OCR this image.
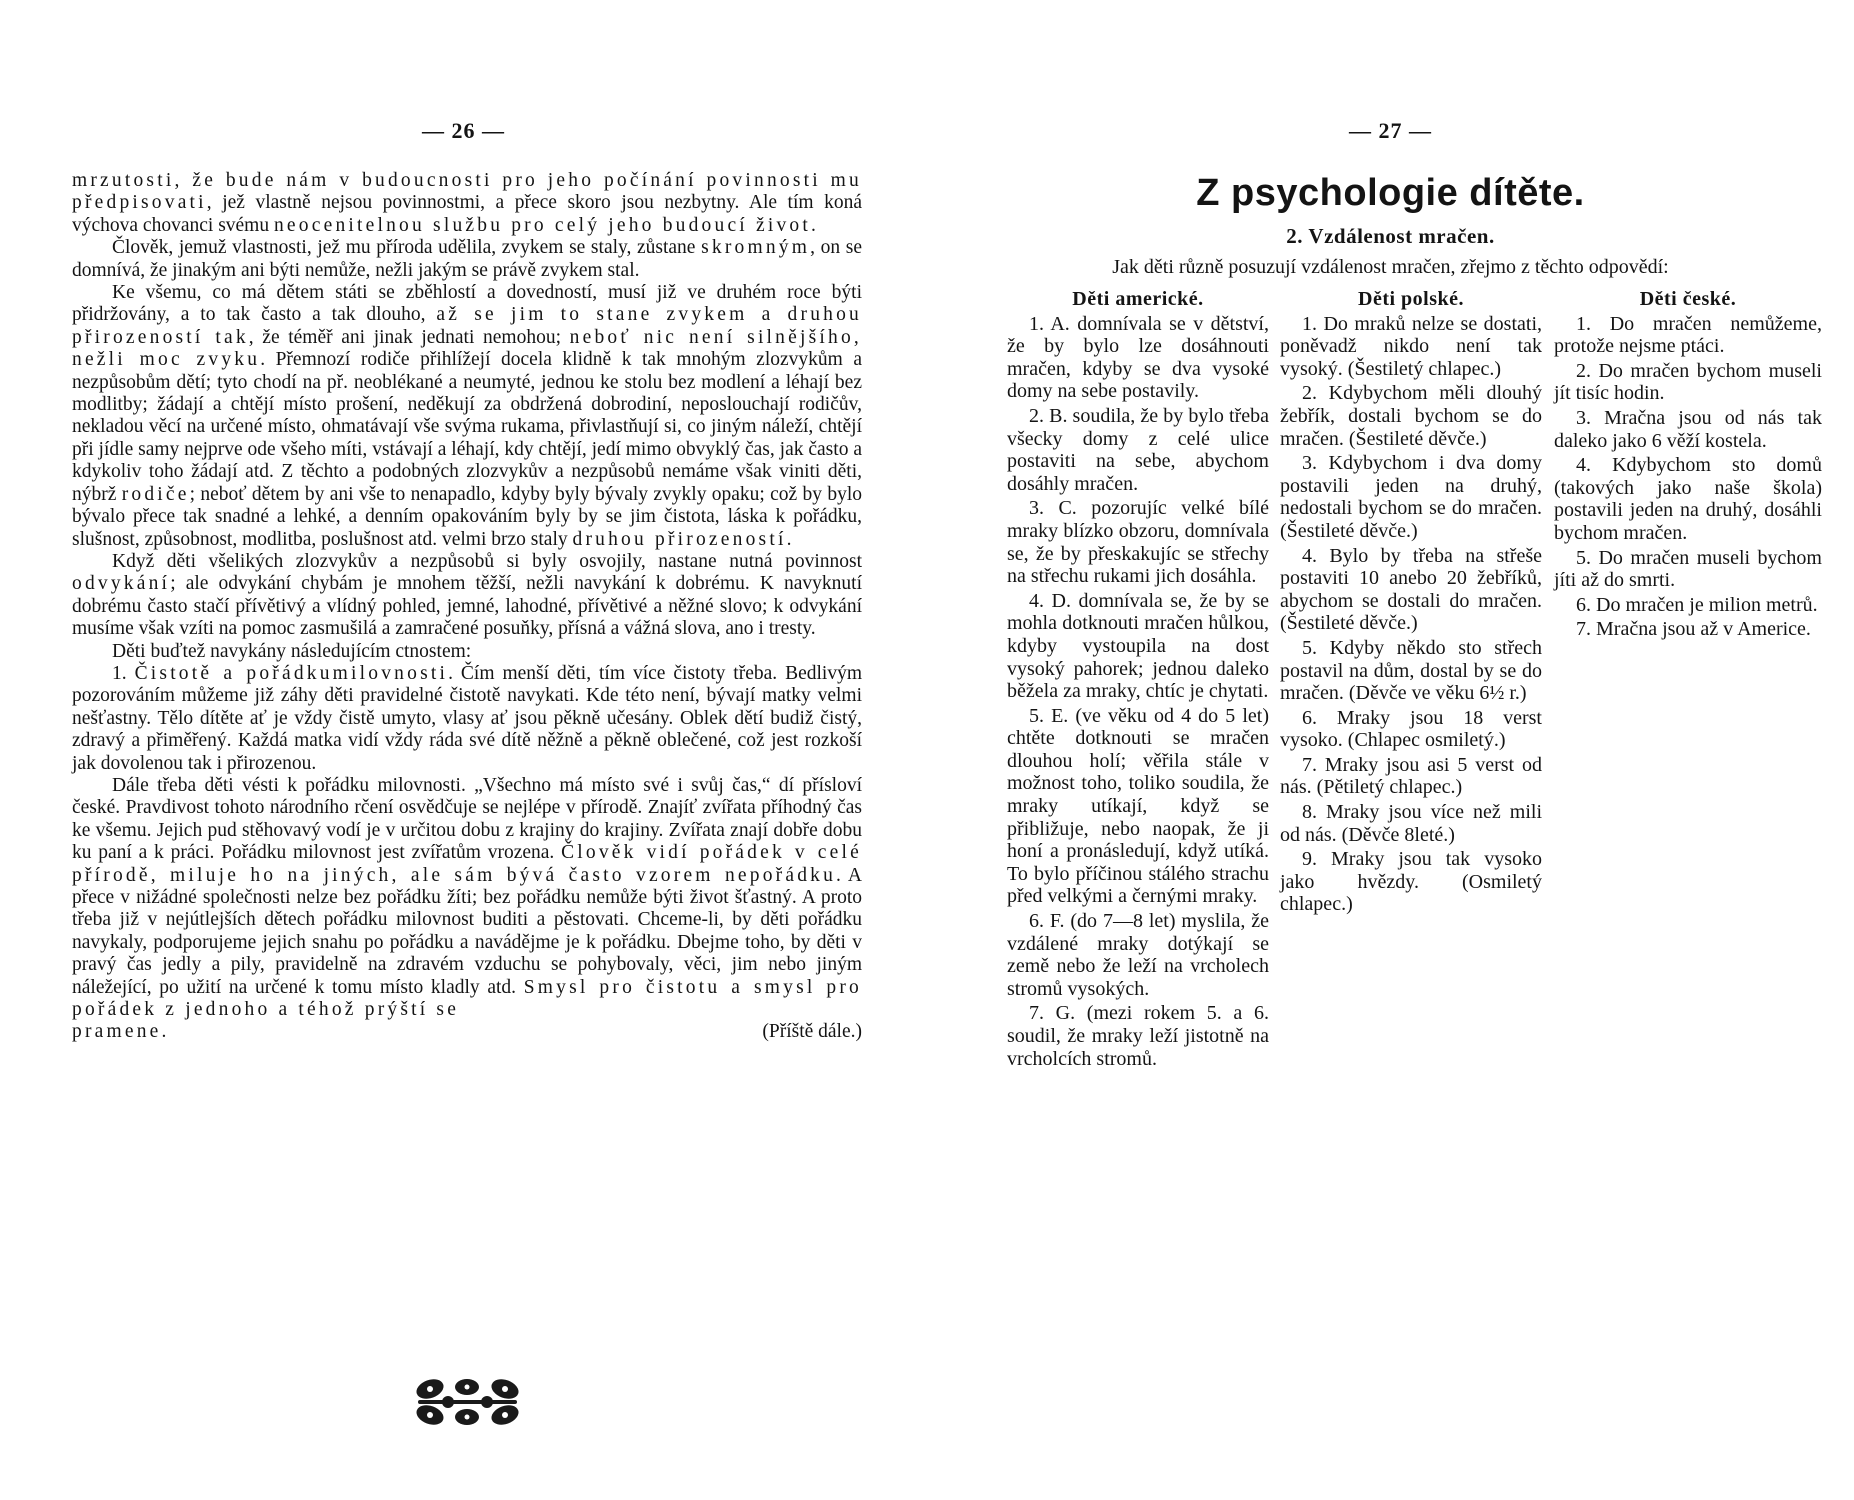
— 26 —

mrzutosti, že bude nám v budoucnosti pro jeho počínání povinnosti mu předpisovati, jež vlastně nejsou povinnostmi, a přece skoro jsou nezbytny. Ale tím koná výchova chovanci svému neocenitelnou službu pro celý jeho budoucí život.

Člověk, jemuž vlastnosti, jež mu příroda udělila, zvykem se staly, zůstane skromným, on se domnívá, že jinakým ani býti nemůže, nežli jakým se právě zvykem stal.

Ke všemu, co má dětem státi se zběhlostí a dovedností, musí již ve druhém roce býti přidržovány, a to tak často a tak dlouho, až se jim to stane zvykem a druhou přirozeností tak, že téměř ani jinak jednati nemohou; neboť nic není silnějšího, nežli moc zvyku. Přemnozí rodiče přihlížejí docela klidně k tak mnohým zlozvykům a nezpůsobům dětí; tyto chodí na př. neoblékané a neumyté, jednou ke stolu bez modlení a léhají bez modlitby; žádají a chtějí místo prošení, neděkují za obdržená dobrodiní, neposlouchají rodičův, nekladou věcí na určené místo, ohmatávají vše svýma rukama, přivlastňují si, co jiným náleží, chtějí při jídle samy nejprve ode všeho míti, vstávají a léhají, kdy chtějí, jedí mimo obvyklý čas, jak často a kdykoliv toho žádají atd. Z těchto a podobných zlozvykův a nezpůsobů nemáme však viniti děti, nýbrž rodiče; neboť dětem by ani vše to nenapadlo, kdyby byly bývaly zvykly opaku; což by bylo bývalo přece tak snadné a lehké, a denním opakováním byly by se jim čistota, láska k pořádku, slušnost, způsobnost, modlitba, poslušnost atd. velmi brzo staly druhou přirozeností.

Když děti všelikých zlozvykův a nezpůsobů si byly osvojily, nastane nutná povinnost odvykání; ale odvykání chybám je mnohem těžší, nežli navykání k dobrému. K navyknutí dobrému často stačí přívětivý a vlídný pohled, jemné, lahodné, přívětivé a něžné slovo; k odvykání musíme však vzíti na pomoc zasmušilá a zamračené posuňky, přísná a vážná slova, ano i tresty.

Děti buďtež navykány následujícím ctnostem:

1. Čistotě a pořádkumilovnosti. Čím menší děti, tím více čistoty třeba. Bedlivým pozorováním můžeme již záhy děti pravidelné čistotě navykati. Kde této není, bývají matky velmi nešťastny. Tělo dítěte ať je vždy čistě umyto, vlasy ať jsou pěkně učesány. Oblek dětí budiž čistý, zdravý a přiměřený. Každá matka vidí vždy ráda své dítě něžně a pěkně oblečené, což jest rozkoší jak dovolenou tak i přirozenou.

Dále třeba děti vésti k pořádku milovnosti. „Všechno má místo své i svůj čas,“ dí přísloví české. Pravdivost tohoto národního rčení osvědčuje se nejlépe v přírodě. Znajíť zvířata příhodný čas ke všemu. Jejich pud stěhovavý vodí je v určitou dobu z krajiny do krajiny. Zvířata znají dobře dobu ku paní a k práci. Pořádku milovnost jest zvířatům vrozena. Člověk vidí pořádek v celé přírodě, miluje ho na jiných, ale sám bývá často vzorem nepořádku. A přece v nižádné společnosti nelze bez pořádku žíti; bez pořádku nemůže býti život šťastný. A proto třeba již v nejútlejších dětech pořádku milovnost buditi a pěstovati. Chceme-li, by děti pořádku navykaly, podporujeme jejich snahu po pořádku a navádějme je k pořádku. Dbejme toho, by děti v pravý čas jedly a pily, pravidelně na zdravém vzduchu se pohybovaly, věci, jim nebo jiným náležející, po užití na určené k tomu místo kladly atd. Smysl pro čistotu a smysl pro pořádek z jednoho a téhož prýští se

pramene.	(Příště dále.)
— 27 —
Z psychologie dítěte.
2. Vzdálenost mračen.
Jak děti různě posuzují vzdálenost mračen, zřejmo z těchto odpovědí:
Děti americké.

1. A. domnívala se v dětství, že by bylo lze dosáhnouti mračen, kdyby se dva vysoké domy na sebe postavily.

2. B. soudila, že by bylo třeba všecky domy z celé ulice postaviti na sebe, abychom dosáhly mračen.

3. C. pozorujíc velké bílé mraky blízko obzoru, domnívala se, že by přeskakujíc se střechy na střechu rukami jich dosáhla.

4. D. domnívala se, že by se mohla dotknouti mračen hůlkou, kdyby vystoupila na dost vysoký pahorek; jednou daleko běžela za mraky, chtíc je chytati.

5. E. (ve věku od 4 do 5 let) chtěte dotknouti se mračen dlouhou holí; věřila stále v možnost toho, toliko soudila, že mraky utíkají, když se přibližuje, nebo naopak, že ji honí a pronásledují, když utíká. To bylo příčinou stálého strachu před velkými a černými mraky.

6. F. (do 7—8 let) myslila, že vzdálené mraky dotýkají se země nebo že leží na vrcholech stromů vysokých.

7. G. (mezi rokem 5. a 6. soudil, že mraky leží jistotně na vrcholcích stromů.

Děti polské.

1. Do mraků nelze se dostati, poněvadž nikdo není tak vysoký. (Šestiletý chlapec.)

2. Kdybychom měli dlouhý žebřík, dostali bychom se do mračen. (Šestileté děvče.)

3. Kdybychom i dva domy postavili jeden na druhý, nedostali bychom se do mračen. (Šestileté děvče.)

4. Bylo by třeba na střeše postaviti 10 anebo 20 žebříků, abychom se dostali do mračen. (Šestileté děvče.)

5. Kdyby někdo sto střech postavil na dům, dostal by se do mračen. (Děvče ve věku 6½ r.)

6. Mraky jsou 18 verst vysoko. (Chlapec osmiletý.)

7. Mraky jsou asi 5 verst od nás. (Pětiletý chlapec.)

8. Mraky jsou více než mili od nás. (Děvče 8leté.)

9. Mraky jsou tak vysoko jako hvězdy. (Osmiletý chlapec.)

Děti české.

1. Do mračen nemůžeme, protože nejsme ptáci.

2. Do mračen bychom museli jít tisíc hodin.

3. Mračna jsou od nás tak daleko jako 6 věží kostela.

4. Kdybychom sto domů (takových jako naše škola) postavili jeden na druhý, dosáhli bychom mračen.

5. Do mračen museli bychom jíti až do smrti.

6. Do mračen je milion metrů.

7. Mračna jsou až v Americe.
